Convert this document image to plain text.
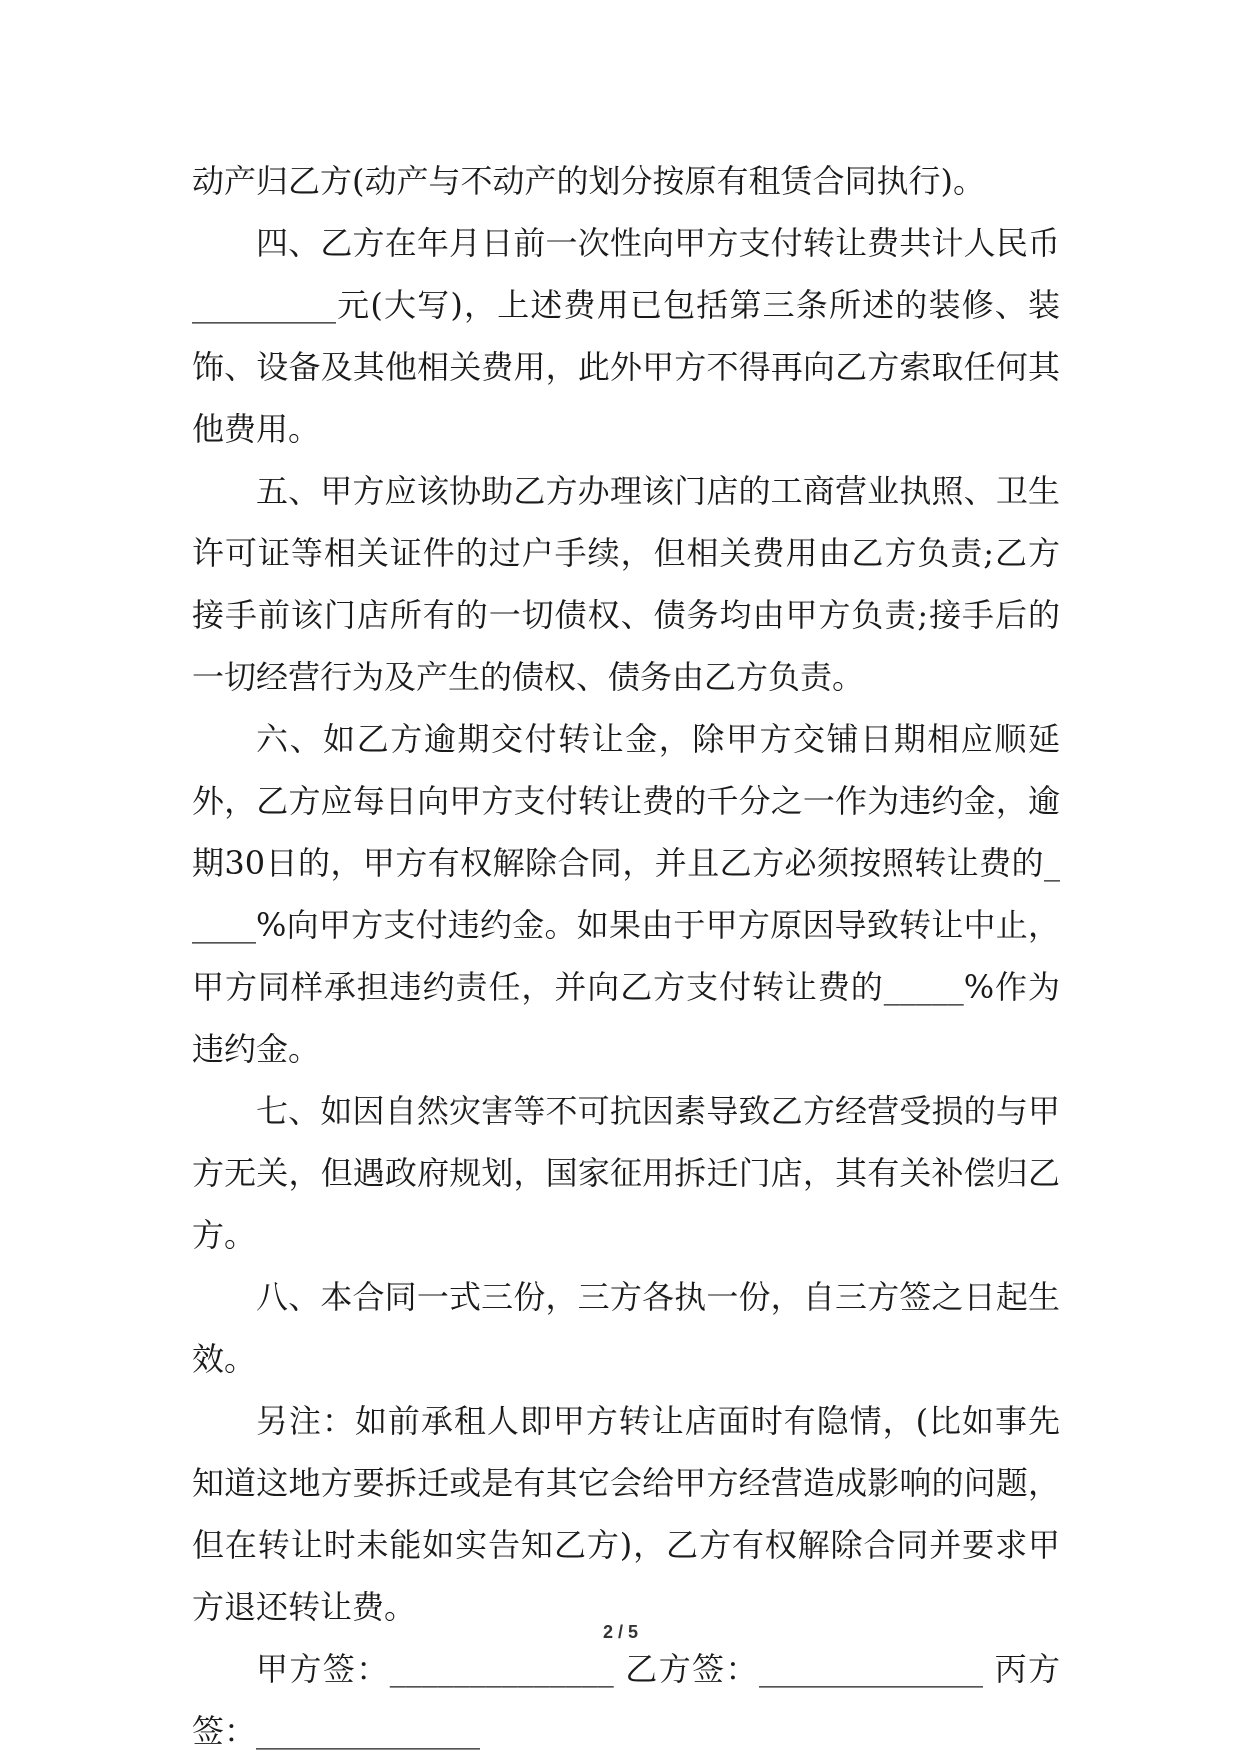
动产归乙方(动产与不动产的划分按原有租赁合同执行)。

四、乙方在年月日前一次性向甲方支付转让费共计人民币_________元(大写)，上述费用已包括第三条所述的装修、装饰、设备及其他相关费用，此外甲方不得再向乙方索取任何其他费用。

五、甲方应该协助乙方办理该门店的工商营业执照、卫生许可证等相关证件的过户手续，但相关费用由乙方负责;乙方接手前该门店所有的一切债权、债务均由甲方负责;接手后的一切经营行为及产生的债权、债务由乙方负责。

六、如乙方逾期交付转让金，除甲方交铺日期相应顺延外，乙方应每日向甲方支付转让费的千分之一作为违约金，逾期30日的，甲方有权解除合同，并且乙方必须按照转让费的_____%向甲方支付违约金。如果由于甲方原因导致转让中止，甲方同样承担违约责任，并向乙方支付转让费的_____%作为违约金。

七、如因自然灾害等不可抗因素导致乙方经营受损的与甲方无关，但遇政府规划，国家征用拆迁门店，其有关补偿归乙方。

八、本合同一式三份，三方各执一份，自三方签之日起生效。

另注：如前承租人即甲方转让店面时有隐情，(比如事先知道这地方要拆迁或是有其它会给甲方经营造成影响的问题，但在转让时未能如实告知乙方)，乙方有权解除合同并要求甲方退还转让费。

甲方签：______________ 乙方签：______________ 丙方签：______________

2 / 5
